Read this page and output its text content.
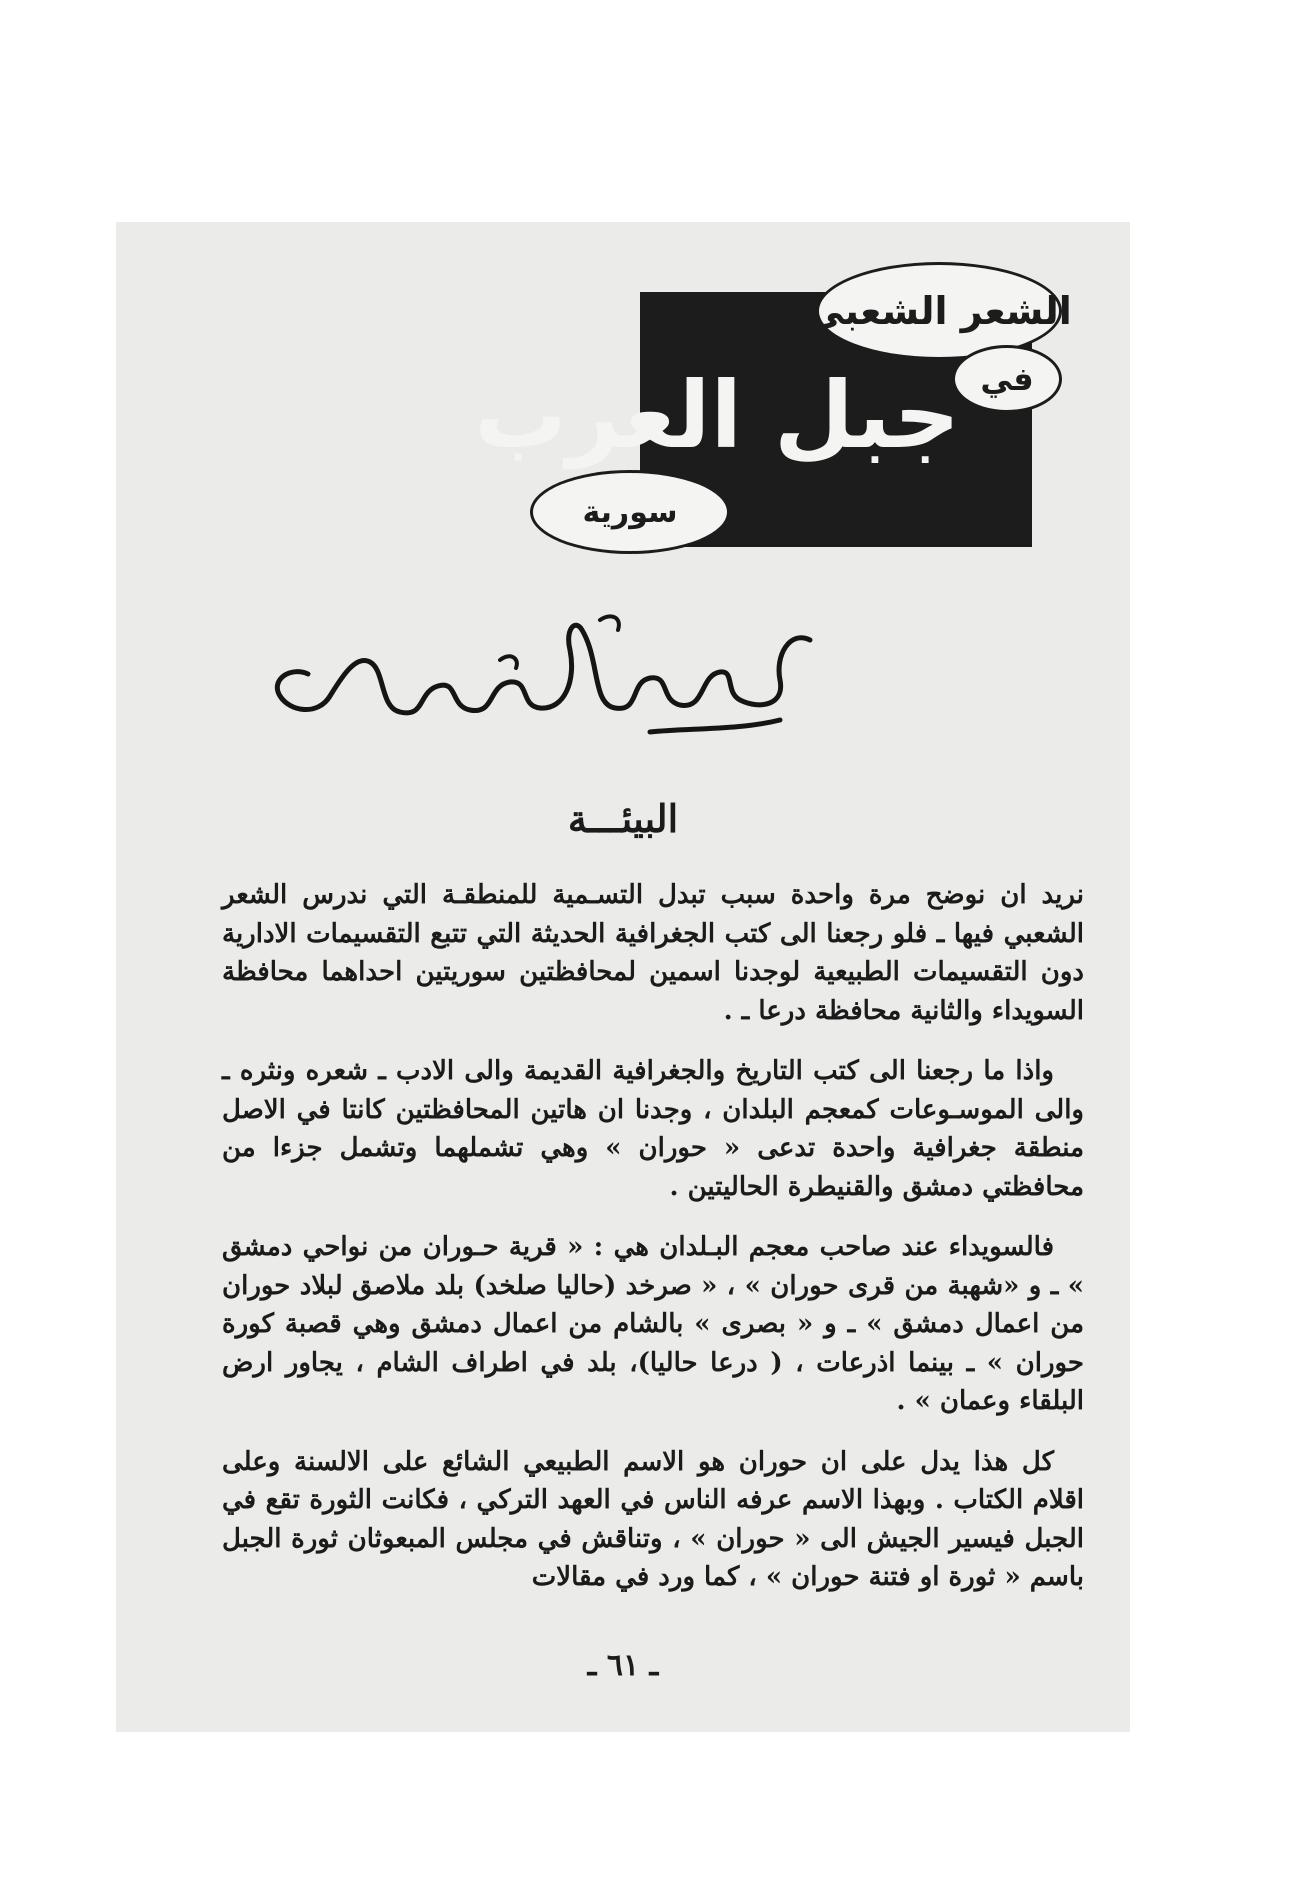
الشعر الشعبي
في
جبل العرب
سورية
البيئـــة

نريد ان نوضح مرة واحدة سبب تبدل التسـمية للمنطقـة التي ندرس الشعر الشعبي فيها ـ فلو رجعنا الى كتب الجغرافية الحديثة التي تتبع التقسيمات الادارية دون التقسيمات الطبيعية لوجدنا اسمين لمحافظتين سوريتين احداهما محافظة السويداء والثانية محافظة درعا ـ .

واذا ما رجعنا الى كتب التاريخ والجغرافية القديمة والى الادب ـ شعره ونثره ـ والى الموسـوعات كمعجم البلدان ، وجدنا ان هاتين المحافظتين كانتا في الاصل منطقة جغرافية واحدة تدعى « حوران » وهي تشملهما وتشمل جزءا من محافظتي دمشق والقنيطرة الحاليتين .

فالسويداء عند صاحب معجم البـلدان هي : « قرية حـوران من نواحي دمشق » ـ و «شهبة من قرى حوران » ، « صرخد (حاليا صلخد) بلد ملاصق لبلاد حوران من اعمال دمشق » ـ و « بصرى » بالشام من اعمال دمشق وهي قصبة كورة حوران » ـ بينما اذرعات ، ( درعا حاليا)، بلد في اطراف الشام ، يجاور ارض البلقاء وعمان » .

كل هذا يدل على ان حوران هو الاسم الطبيعي الشائع على الالسنة وعلى اقلام الكتاب . وبهذا الاسم عرفه الناس في العهد التركي ، فكانت الثورة تقع في الجبل فيسير الجيش الى « حوران » ، وتناقش في مجلس المبعوثان ثورة الجبل باسم « ثورة او فتنة حوران » ، كما ورد في مقالات

ـ ٦١ ـ
